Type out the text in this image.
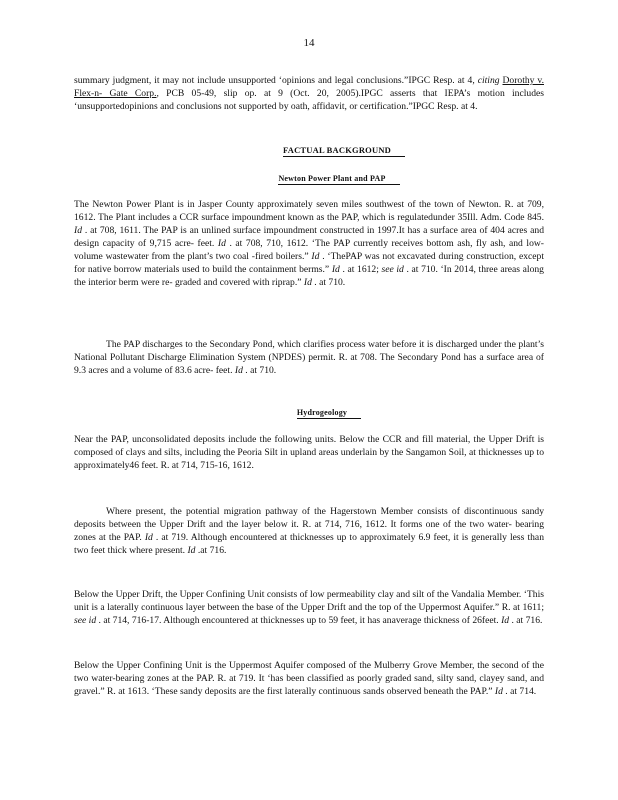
14

summary judgment, it may not include unsupported ‘opinions and legal conclusions.”IPGC Resp. at 4, citing Dorothy v. Flex-n- Gate Corp., PCB 05-49, slip op. at 9 (Oct. 20, 2005).IPGC asserts that IEPA’s motion includes ‘unsupportedopinions and conclusions not supported by oath, affidavit, or certification.”IPGC Resp. at 4.

FACTUAL BACKGROUND
Newton Power Plant and PAP

The Newton Power Plant is in Jasper County approximately seven miles southwest of the town of Newton. R. at 709, 1612. The Plant includes a CCR surface impoundment known as the PAP, which is regulatedunder 35Ill. Adm. Code 845. Id . at 708, 1611. The PAP is an unlined surface impoundment constructed in 1997.It has a surface area of 404 acres and design capacity of 9,715 acre- feet. Id . at 708, 710, 1612. ‘The PAP currently receives bottom ash, fly ash, and low- volume wastewater from the plant’s two coal -fired boilers.” Id . ‘ThePAP was not excavated during construction, except for native borrow materials used to build the containment berms.” Id . at 1612; see id . at 710. ‘In 2014, three areas along the interior berm were re- graded and covered with riprap.” Id . at 710.

The PAP discharges to the Secondary Pond, which clarifies process water before it is discharged under the plant’s National Pollutant Discharge Elimination System (NPDES) permit. R. at 708. The Secondary Pond has a surface area of 9.3 acres and a volume of 83.6 acre- feet. Id . at 710.

Hydrogeology

Near the PAP, unconsolidated deposits include the following units. Below the CCR and fill material, the Upper Drift is composed of clays and silts, including the Peoria Silt in upland areas underlain by the Sangamon Soil, at thicknesses up to approximately46 feet. R. at 714, 715-16, 1612.

Where present, the potential migration pathway of the Hagerstown Member consists of discontinuous sandy deposits between the Upper Drift and the layer below it. R. at 714, 716, 1612. It forms one of the two water- bearing zones at the PAP. Id . at 719. Although encountered at thicknesses up to approximately 6.9 feet, it is generally less than two feet thick where present. Id .at 716.

Below the Upper Drift, the Upper Confining Unit consists of low permeability clay and silt of the Vandalia Member. ‘This unit is a laterally continuous layer between the base of the Upper Drift and the top of the Uppermost Aquifer.” R. at 1611; see id . at 714, 716-17. Although encountered at thicknesses up to 59 feet, it has anaverage thickness of 26feet. Id . at 716.

Below the Upper Confining Unit is the Uppermost Aquifer composed of the Mulberry Grove Member, the second of the two water-bearing zones at the PAP. R. at 719. It ‘has been classified as poorly graded sand, silty sand, clayey sand, and gravel.” R. at 1613. ‘These sandy deposits are the first laterally continuous sands observed beneath the PAP.” Id . at 714.
